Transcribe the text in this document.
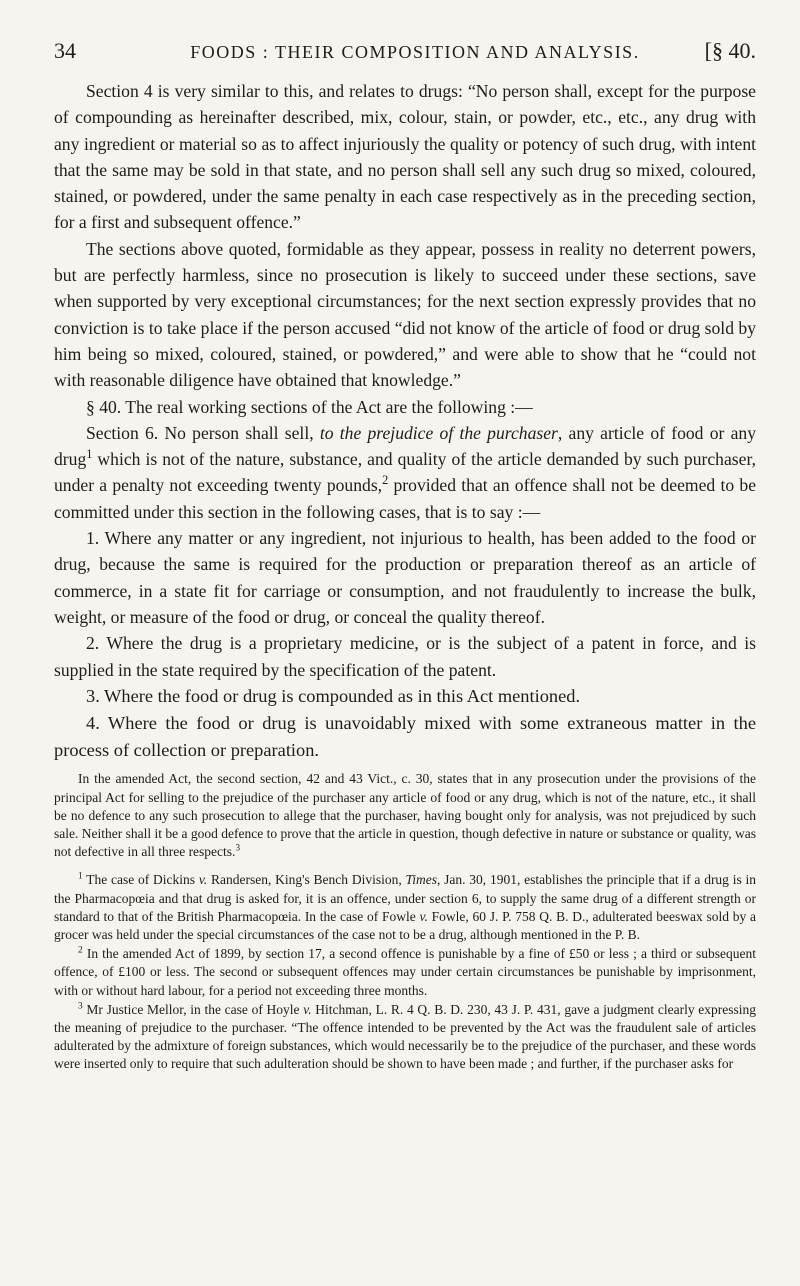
34	FOODS : THEIR COMPOSITION AND ANALYSIS.	[§ 40.

Section 4 is very similar to this, and relates to drugs: “No person shall, except for the purpose of compounding as hereinafter described, mix, colour, stain, or powder, etc., etc., any drug with any ingredient or material so as to affect injuriously the quality or potency of such drug, with intent that the same may be sold in that state, and no person shall sell any such drug so mixed, coloured, stained, or powdered, under the same penalty in each case respectively as in the preceding section, for a first and subsequent offence.”

The sections above quoted, formidable as they appear, possess in reality no deterrent powers, but are perfectly harmless, since no prosecution is likely to succeed under these sections, save when supported by very exceptional circumstances; for the next section expressly provides that no conviction is to take place if the person accused “did not know of the article of food or drug sold by him being so mixed, coloured, stained, or powdered,” and were able to show that he “could not with reasonable diligence have obtained that knowledge.”

§ 40. The real working sections of the Act are the following :—

Section 6. No person shall sell, to the prejudice of the purchaser, any article of food or any drug$^1$ which is not of the nature, substance, and quality of the article demanded by such purchaser, under a penalty not exceeding twenty pounds,$^2$ provided that an offence shall not be deemed to be committed under this section in the following cases, that is to say :—

1. Where any matter or any ingredient, not injurious to health, has been added to the food or drug, because the same is required for the production or preparation thereof as an article of commerce, in a state fit for carriage or consumption, and not fraudulently to increase the bulk, weight, or measure of the food or drug, or conceal the quality thereof.

2. Where the drug is a proprietary medicine, or is the subject of a patent in force, and is supplied in the state required by the specification of the patent.

3. Where the food or drug is compounded as in this Act mentioned.

4. Where the food or drug is unavoidably mixed with some extraneous matter in the process of collection or preparation.

In the amended Act, the second section, 42 and 43 Vict., c. 30, states that in any prosecution under the provisions of the principal Act for selling to the prejudice of the purchaser any article of food or any drug, which is not of the nature, etc., it shall be no defence to any such prosecution to allege that the purchaser, having bought only for analysis, was not prejudiced by such sale. Neither shall it be a good defence to prove that the article in question, though defective in nature or substance or quality, was not defective in all three respects.$^3$

$^1$ The case of Dickins v. Randersen, King's Bench Division, Times, Jan. 30, 1901, establishes the principle that if a drug is in the Pharmacopœia and that drug is asked for, it is an offence, under section 6, to supply the same drug of a different strength or standard to that of the British Pharmacopœia. In the case of Fowle v. Fowle, 60 J. P. 758 Q. B. D., adulterated beeswax sold by a grocer was held under the special circumstances of the case not to be a drug, although mentioned in the P. B.

$^2$ In the amended Act of 1899, by section 17, a second offence is punishable by a fine of £50 or less ; a third or subsequent offence, of £100 or less. The second or subsequent offences may under certain circumstances be punishable by imprisonment, with or without hard labour, for a period not exceeding three months.

$^3$ Mr Justice Mellor, in the case of Hoyle v. Hitchman, L. R. 4 Q. B. D. 230, 43 J. P. 431, gave a judgment clearly expressing the meaning of prejudice to the purchaser. “The offence intended to be prevented by the Act was the fraudulent sale of articles adulterated by the admixture of foreign substances, which would necessarily be to the prejudice of the purchaser, and these words were inserted only to require that such adulteration should be shown to have been made ; and further, if the purchaser asks for
